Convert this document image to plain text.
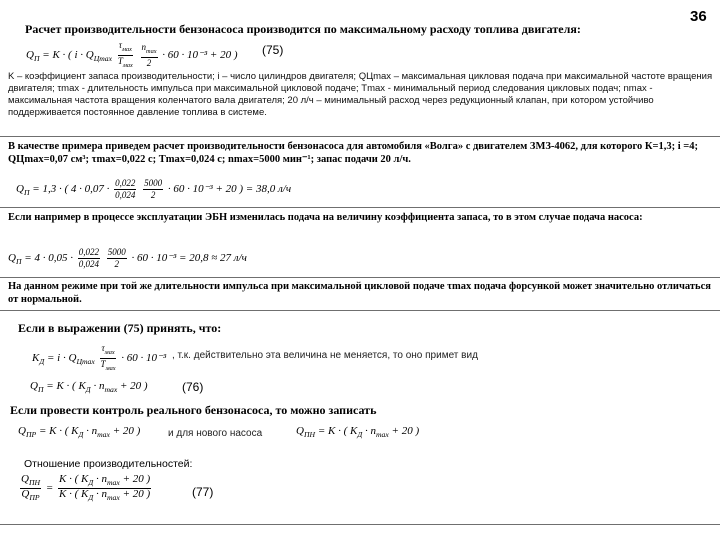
36
Расчет производительности бензонасоса производится по максимальному расходу топлива двигателя:
$Q_П = K$ · ( $i \cdot Q_{Цmax} \frac{\tau_{мах}}{T_{мах}}$
$\frac{n_{max}}{2} \cdot 60 \cdot 10^{-3} + 20$ ) (75)
K – коэффициент запаса производительности; i – число цилиндров двигателя; QЦmax – максимальная цикловая подача при максимальной частоте вращения двигателя; τmax - длительность импульса при максимальной цикловой подаче; Tmax - минимальный период следования цикловых подач; nmax - максимальная частота вращения коленчатого вала двигателя; 20 л/ч – минимальный расход через редукционный клапан, при котором устойчиво поддерживается постоянное давление топлива в системе.
В качестве примера приведем расчет производительности бензонасоса для автомобиля «Волга» с двигателем ЗМЗ-4062, для которого К=1,3; i =4; QЦmax=0,07 см³; τmax=0,022 с; Тmax=0,024 с; nmax=5000 мин⁻¹; запас подачи 20 л/ч.
$Q_П = 1,3$ · ( $4 \cdot 0,07 \cdot \frac{0,022}{0,024}$
$\frac{5000}{2} \cdot 60 \cdot 10^{-3} + 20$ ) = 38,0 л/ч
Если например в процессе эксплуатации ЭБН изменилась подача на величину коэффициента запаса, то в этом случае подача насоса:
$Q_П = 4 \cdot 0,05 \cdot \frac{0,022}{0,024}$
$\frac{5000}{2} \cdot 60 \cdot 10^{-3} = 20,8 \approx 27$ л/ч
На данном режиме при той же длительности импульса при максимальной цикловой подаче τmax подача форсункой может значительно отличаться от нормальной.
Если в выражении (75) принять, что:
$K_Д = i \cdot Q_{Цmax} \frac{\tau_{мах}}{T_{мах}} \cdot 60 \cdot 10^{-3}$ , т.к. действительно эта величина не меняется, то оно примет вид
$Q_П = K$ · ( $K_Д \cdot n_{max} + 20$ )	(76)
Если провести контроль реального бензонасоса, то можно записать
$Q_{ПP} = K$ · ( $K_Д \cdot n_{max} + 20$ )	и для нового насоса	$Q_{ПН} = K$ · ( $K_Д \cdot n_{max} + 20$ )
Отношение производительностей:
$\frac{Q_{ПН}}{Q_{ПP}} = \frac{K \cdot ( K_Д \cdot n_{max} + 20 )}{K \cdot ( K_Д \cdot n_{max} + 20 )}$	(77)
